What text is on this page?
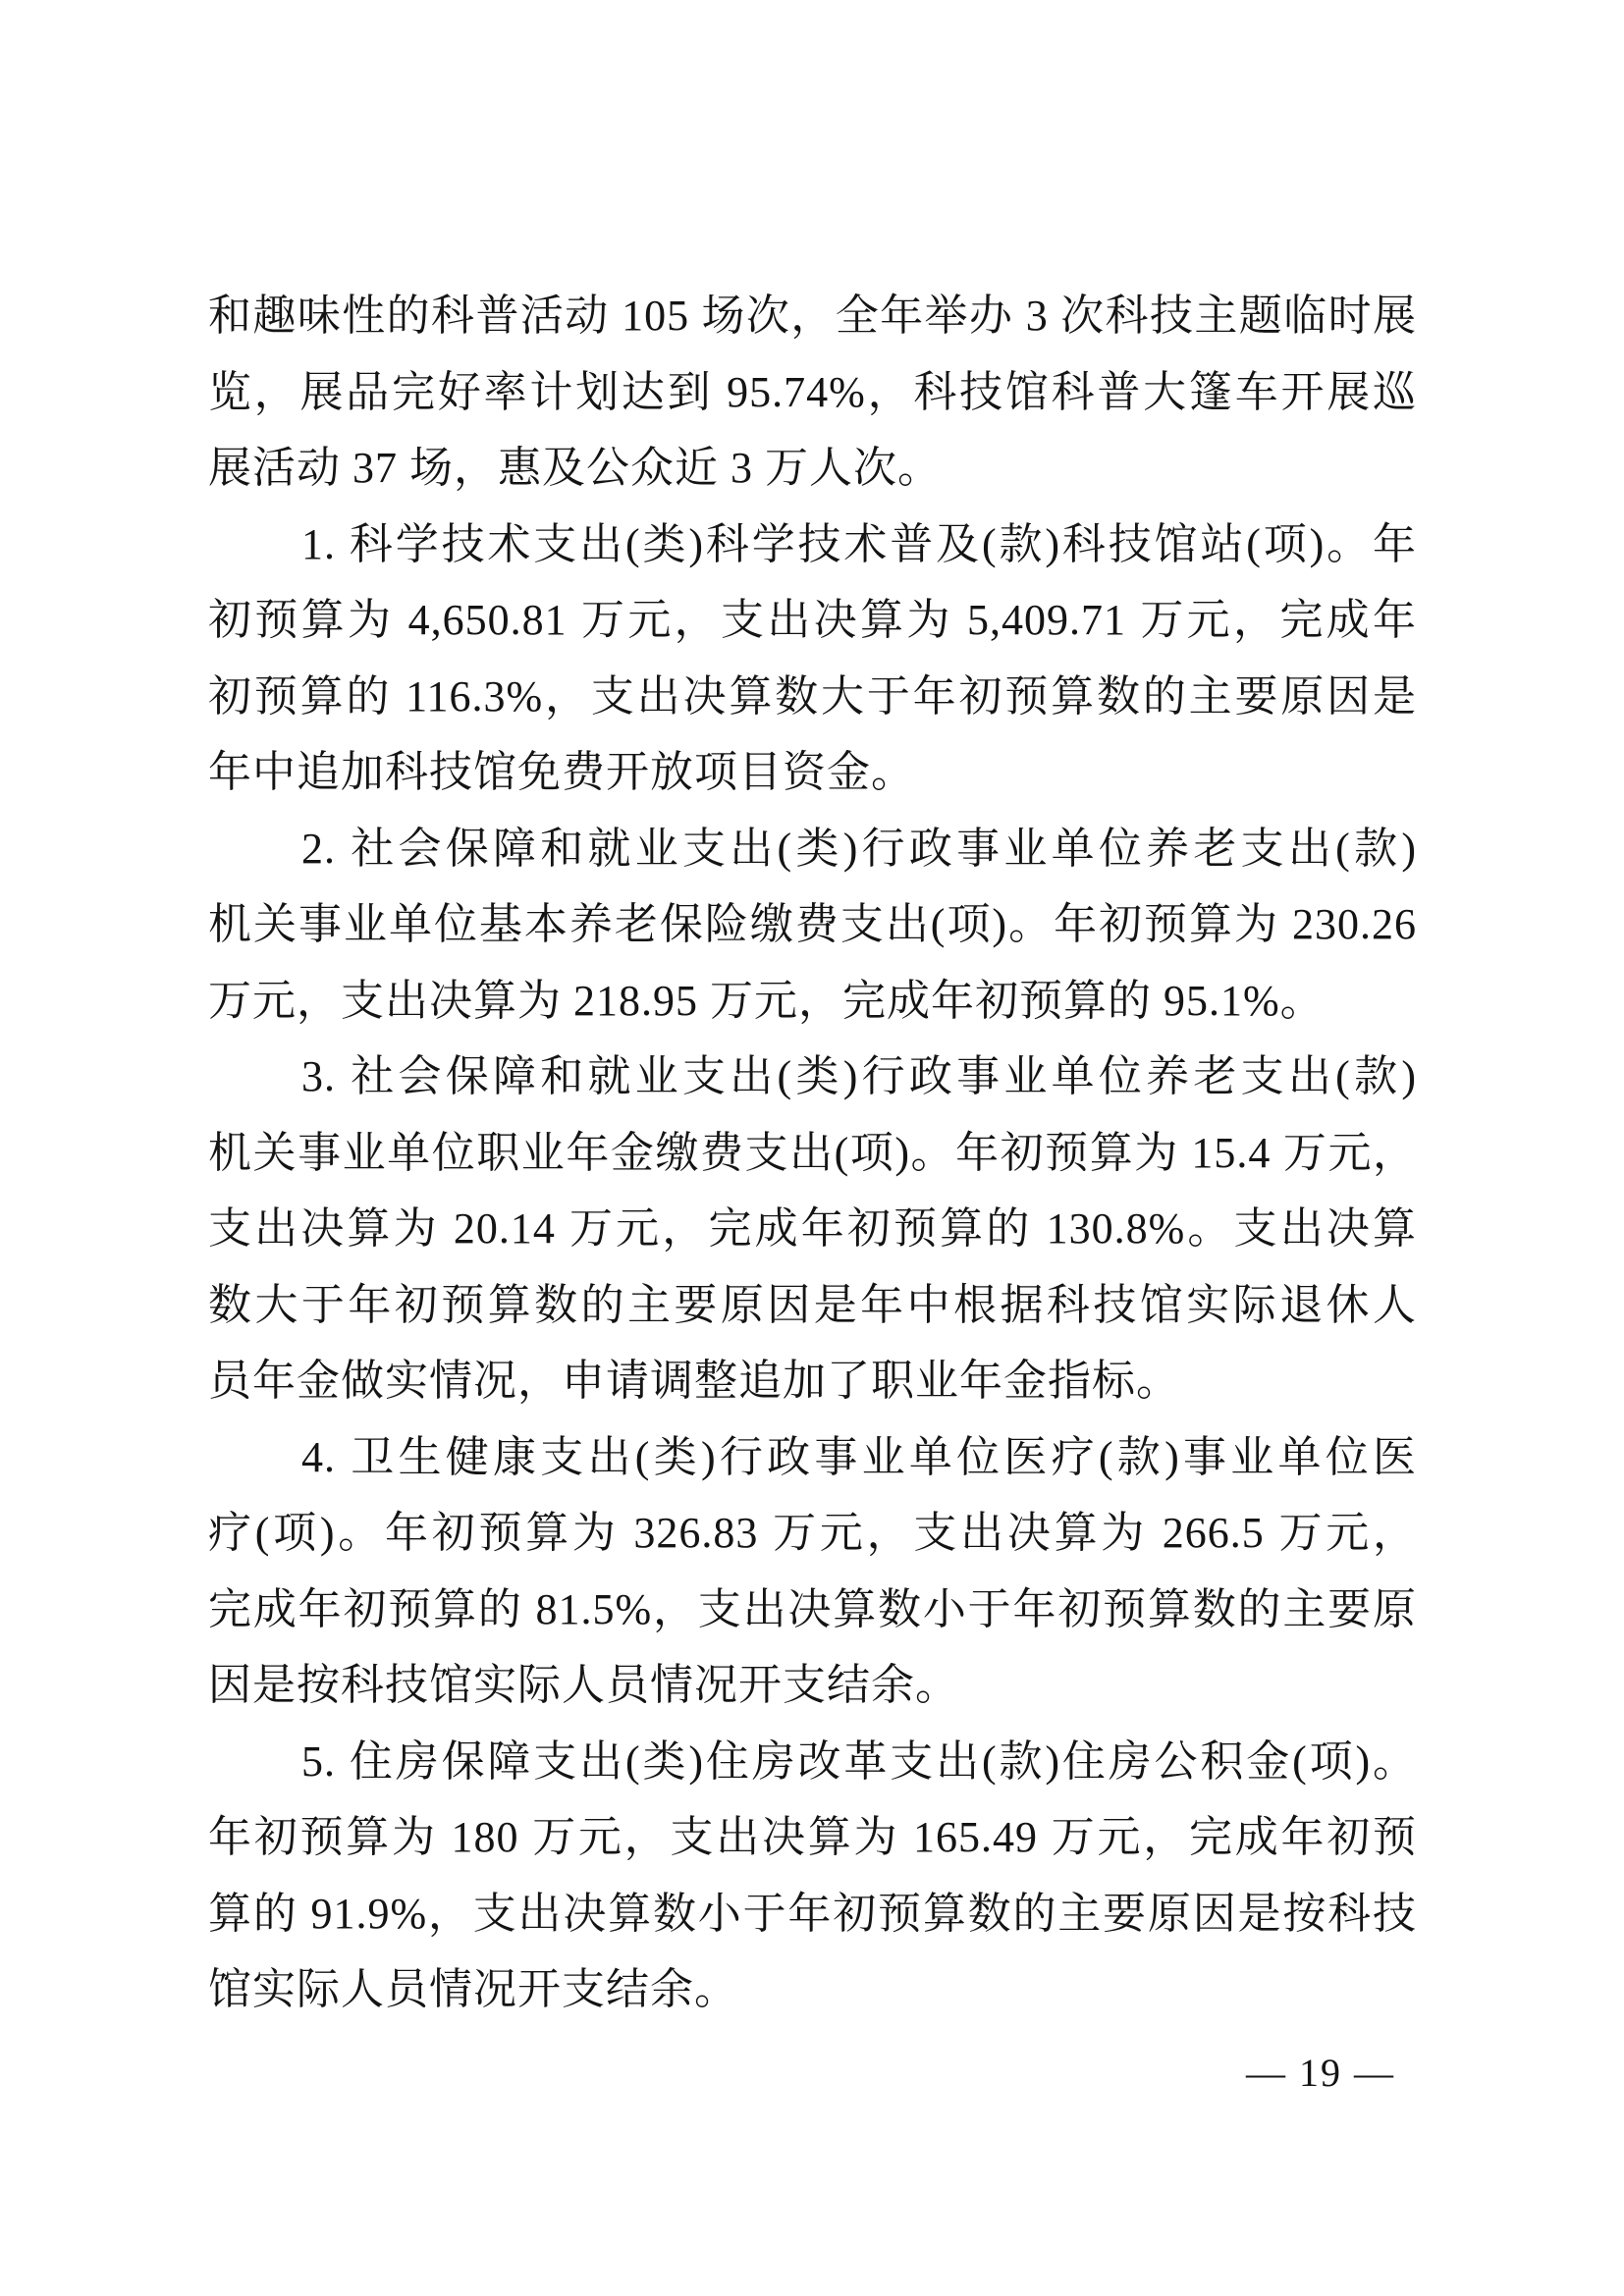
和趣味性的科普活动 105 场次，全年举办 3 次科技主题临时展
览，展品完好率计划达到 95.74%，科技馆科普大篷车开展巡
展活动 37 场，惠及公众近 3 万人次。
1. 科学技术支出(类)科学技术普及(款)科技馆站(项)。年
初预算为 4,650.81 万元，支出决算为 5,409.71 万元，完成年
初预算的 116.3%，支出决算数大于年初预算数的主要原因是
年中追加科技馆免费开放项目资金。
2. 社会保障和就业支出(类)行政事业单位养老支出(款)
机关事业单位基本养老保险缴费支出(项)。年初预算为 230.26
万元，支出决算为 218.95 万元，完成年初预算的 95.1%。
3. 社会保障和就业支出(类)行政事业单位养老支出(款)
机关事业单位职业年金缴费支出(项)。年初预算为 15.4 万元，
支出决算为 20.14 万元，完成年初预算的 130.8%。支出决算
数大于年初预算数的主要原因是年中根据科技馆实际退休人
员年金做实情况，申请调整追加了职业年金指标。
4. 卫生健康支出(类)行政事业单位医疗(款)事业单位医
疗(项)。年初预算为 326.83 万元，支出决算为 266.5 万元，
完成年初预算的 81.5%，支出决算数小于年初预算数的主要原
因是按科技馆实际人员情况开支结余。
5. 住房保障支出(类)住房改革支出(款)住房公积金(项)。
年初预算为 180 万元，支出决算为 165.49 万元，完成年初预
算的 91.9%，支出决算数小于年初预算数的主要原因是按科技
馆实际人员情况开支结余。
— 19 —
